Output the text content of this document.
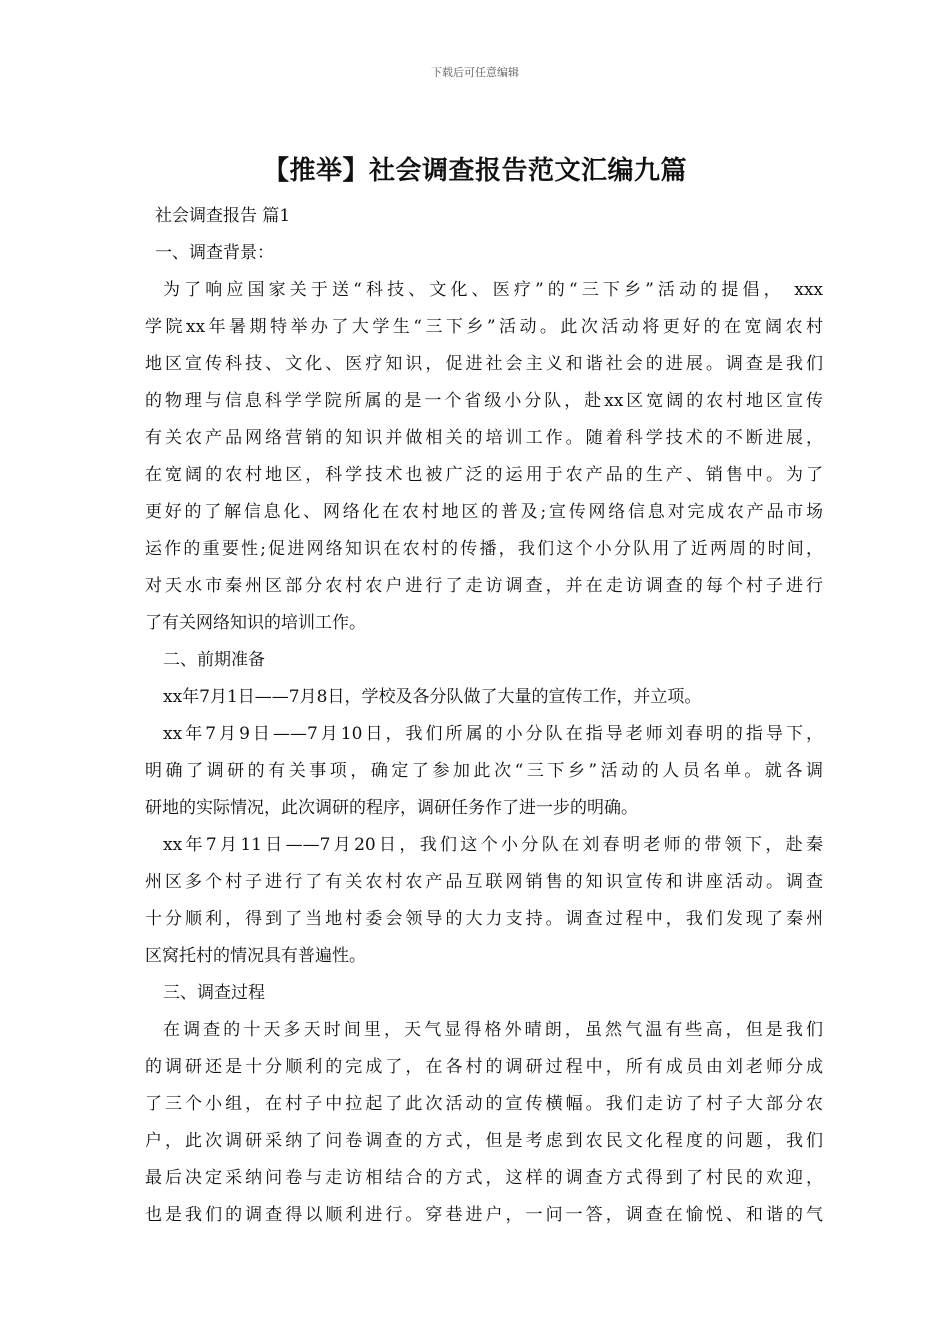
下载后可任意编辑
【推举】社会调查报告范文汇编九篇
社会调查报告 篇1
一、调查背景：
为了响应国家关于送“科技、文化、医疗”的“三下乡”活动的提倡， xxx
学院xx年暑期特举办了大学生“三下乡”活动。此次活动将更好的在宽阔农村
地区宣传科技、文化、医疗知识，促进社会主义和谐社会的进展。调查是我们
的物理与信息科学学院所属的是一个省级小分队，赴xx区宽阔的农村地区宣传
有关农产品网络营销的知识并做相关的培训工作。随着科学技术的不断进展，
在宽阔的农村地区，科学技术也被广泛的运用于农产品的生产、销售中。为了
更好的了解信息化、网络化在农村地区的普及;宣传网络信息对完成农产品市场
运作的重要性;促进网络知识在农村的传播，我们这个小分队用了近两周的时间，
对天水市秦州区部分农村农户进行了走访调查，并在走访调查的每个村子进行
了有关网络知识的培训工作。
二、前期准备
xx年7月1日——7月8日，学校及各分队做了大量的宣传工作，并立项。
xx年7月9日——7月10日，我们所属的小分队在指导老师刘春明的指导下，
明确了调研的有关事项，确定了参加此次“三下乡”活动的人员名单。就各调
研地的实际情况，此次调研的程序，调研任务作了进一步的明确。
xx年7月11日——7月20日，我们这个小分队在刘春明老师的带领下，赴秦
州区多个村子进行了有关农村农产品互联网销售的知识宣传和讲座活动。调查
十分顺利，得到了当地村委会领导的大力支持。调查过程中，我们发现了秦州
区窝托村的情况具有普遍性。
三、调查过程
在调查的十天多天时间里，天气显得格外晴朗，虽然气温有些高，但是我们
的调研还是十分顺利的完成了，在各村的调研过程中，所有成员由刘老师分成
了三个小组，在村子中拉起了此次活动的宣传横幅。我们走访了村子大部分农
户，此次调研采纳了问卷调查的方式，但是考虑到农民文化程度的问题，我们
最后决定采纳问卷与走访相结合的方式，这样的调查方式得到了村民的欢迎，
也是我们的调查得以顺利进行。穿巷进户，一问一答，调查在愉悦、和谐的气
